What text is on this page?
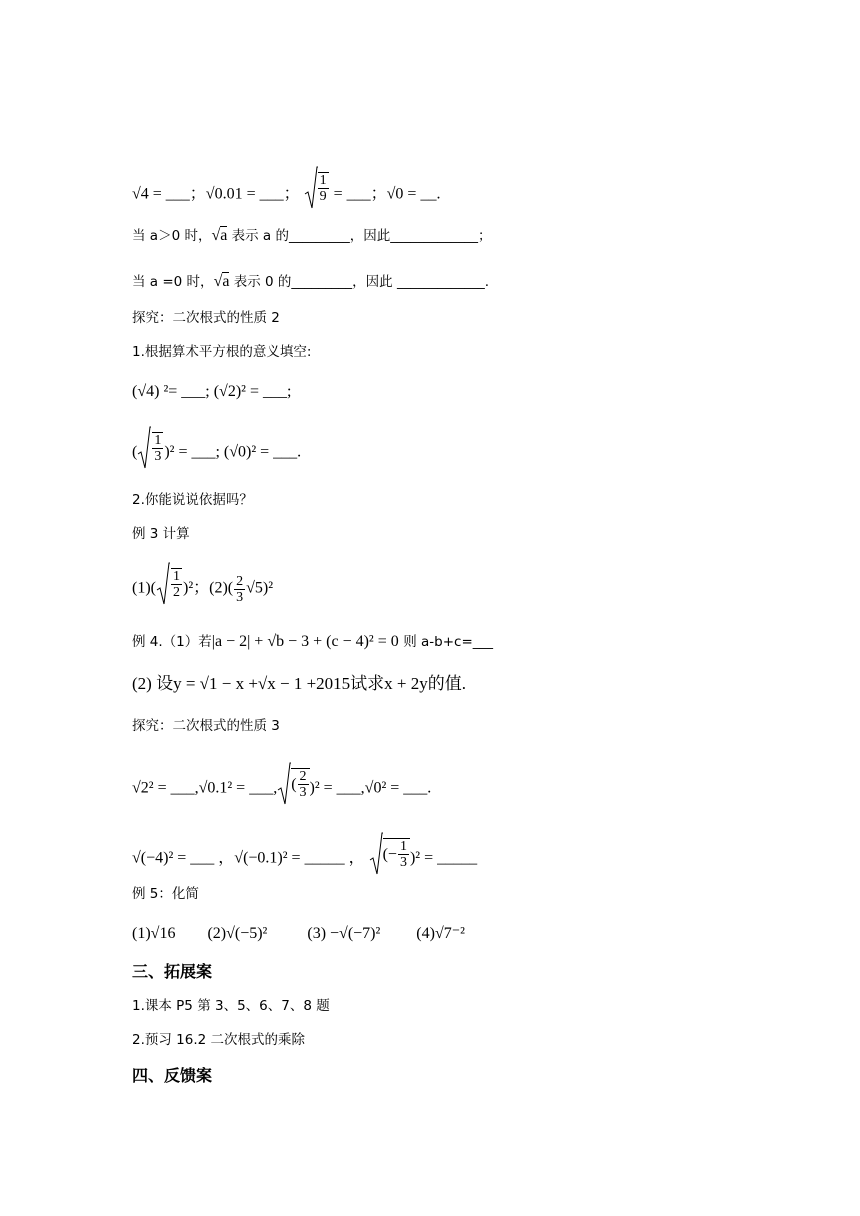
√4 = ___；√0.01 = ___； $\frac{1}{9}$ = ___；√0 = __.
当 a＞0 时，√a 表示 a 的_________，因此_____________；
当 a =0 时，√a 表示 0 的_________，因此 _____________.
探究：二次根式的性质 2
1.根据算术平方根的意义填空:
(√4) ²= ___; (√2)² = ___;
( $\frac{1}{3} )^2$ = ___; (√0)² = ___.
2.你能说说依据吗？
例 3 计算
$(1)( \frac{1}{2} )^2$；$(2)( \frac{2}{3} √5)^2$
例 4.（1）若|a − 2| + √b − 3 + (c − 4)² = 0 则 a-b+c=___
(2) 设y = √1 − x +√x − 1 +2015试求x + 2y的值.
探究：二次根式的性质 3
√2² = ___,√0.1² = ___, ( $\frac{2}{3} )^2$ = ___,√0² = ___.
√(−4)² = ___ ，√(−0.1)² = _____ ， (− $\frac{1}{3} )^2$ = _____
例 5：化简
(1)√16 (2)√(−5)²	(3) −√(−7)² (4)√7⁻²
三、拓展案
1.课本 P5 第 3、5、6、7、8 题
2.预习 16.2 二次根式的乘除
四、反馈案
